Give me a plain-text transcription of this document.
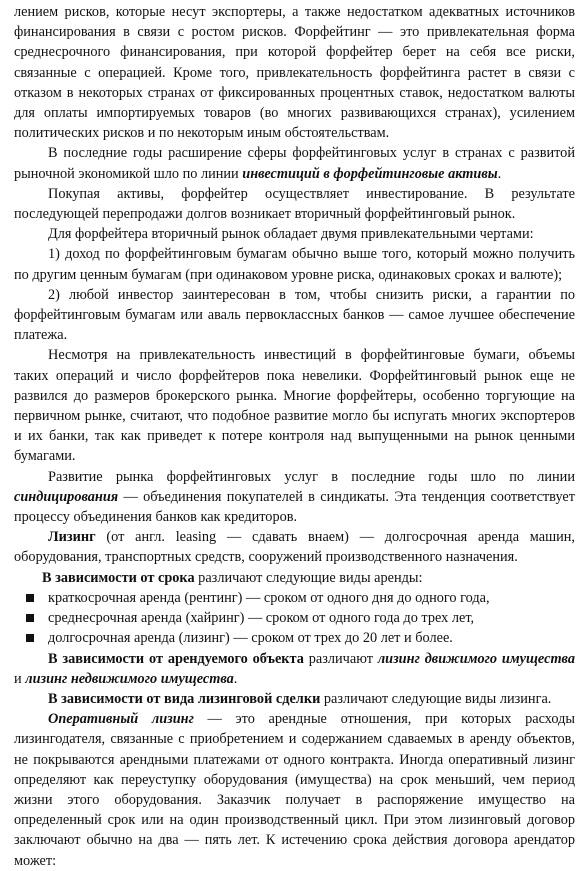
лением рисков, которые несут экспортеры, а также недостатком адекватных источников финансирования в связи с ростом рисков. Форфейтинг — это привлекательная форма среднесрочного финансирования, при которой форфейтер берет на себя все риски, связанные с операцией. Кроме того, привлекательность форфейтинга растет в связи с отказом в некоторых странах от фиксированных процентных ставок, недостатком валюты для оплаты импортируемых товаров (во многих развивающихся странах), усилением политических рисков и по некоторым иным обстоятельствам.

В последние годы расширение сферы форфейтинговых услуг в странах с развитой рыночной экономикой шло по линии инвестиций в форфейтинговые активы.

Покупая активы, форфейтер осуществляет инвестирование. В результате последующей перепродажи долгов возникает вторичный форфейтинговый рынок.

Для форфейтера вторичный рынок обладает двумя привлекательными чертами:

1) доход по форфейтинговым бумагам обычно выше того, который можно получить по другим ценным бумагам (при одинаковом уровне риска, одинаковых сроках и валюте);

2) любой инвестор заинтересован в том, чтобы снизить риски, а гарантии по форфейтинговым бумагам или аваль первоклассных банков — самое лучшее обеспечение платежа.

Несмотря на привлекательность инвестиций в форфейтинговые бумаги, объемы таких операций и число форфейтеров пока невелики. Форфейтинговый рынок еще не развился до размеров брокерского рынка. Многие форфейтеры, особенно торгующие на первичном рынке, считают, что подобное развитие могло бы испугать многих экспортеров и их банки, так как приведет к потере контроля над выпущенными на рынок ценными бумагами.

Развитие рынка форфейтинговых услуг в последние годы шло по линии синдицирования — объединения покупателей в синдикаты. Эта тенденция соответствует процессу объединения банков как кредиторов.

Лизинг (от англ. leasing — сдавать внаем) — долгосрочная аренда машин, оборудования, транспортных средств, сооружений производственного назначения.

В зависимости от срока различают следующие виды аренды:

краткосрочная аренда (рентинг) — сроком от одного дня до одного года,
среднесрочная аренда (хайринг) — сроком от одного года до трех лет,
долгосрочная аренда (лизинг) — сроком от трех до 20 лет и более.

В зависимости от арендуемого объекта различают лизинг движимого имущества и лизинг недвижимого имущества.

В зависимости от вида лизинговой сделки различают следующие виды лизинга.

Оперативный лизинг — это арендные отношения, при которых расходы лизингодателя, связанные с приобретением и содержанием сдаваемых в аренду объектов, не покрываются арендными платежами от одного контракта. Иногда оперативный лизинг определяют как переуступку оборудования (имущества) на срок меньший, чем период жизни этого оборудования. Заказчик получает в распоряжение имущество на определенный срок или на один производственный цикл. При этом лизинговый договор заключают обычно на два — пять лет. К истечению срока действия договора арендатор может:
